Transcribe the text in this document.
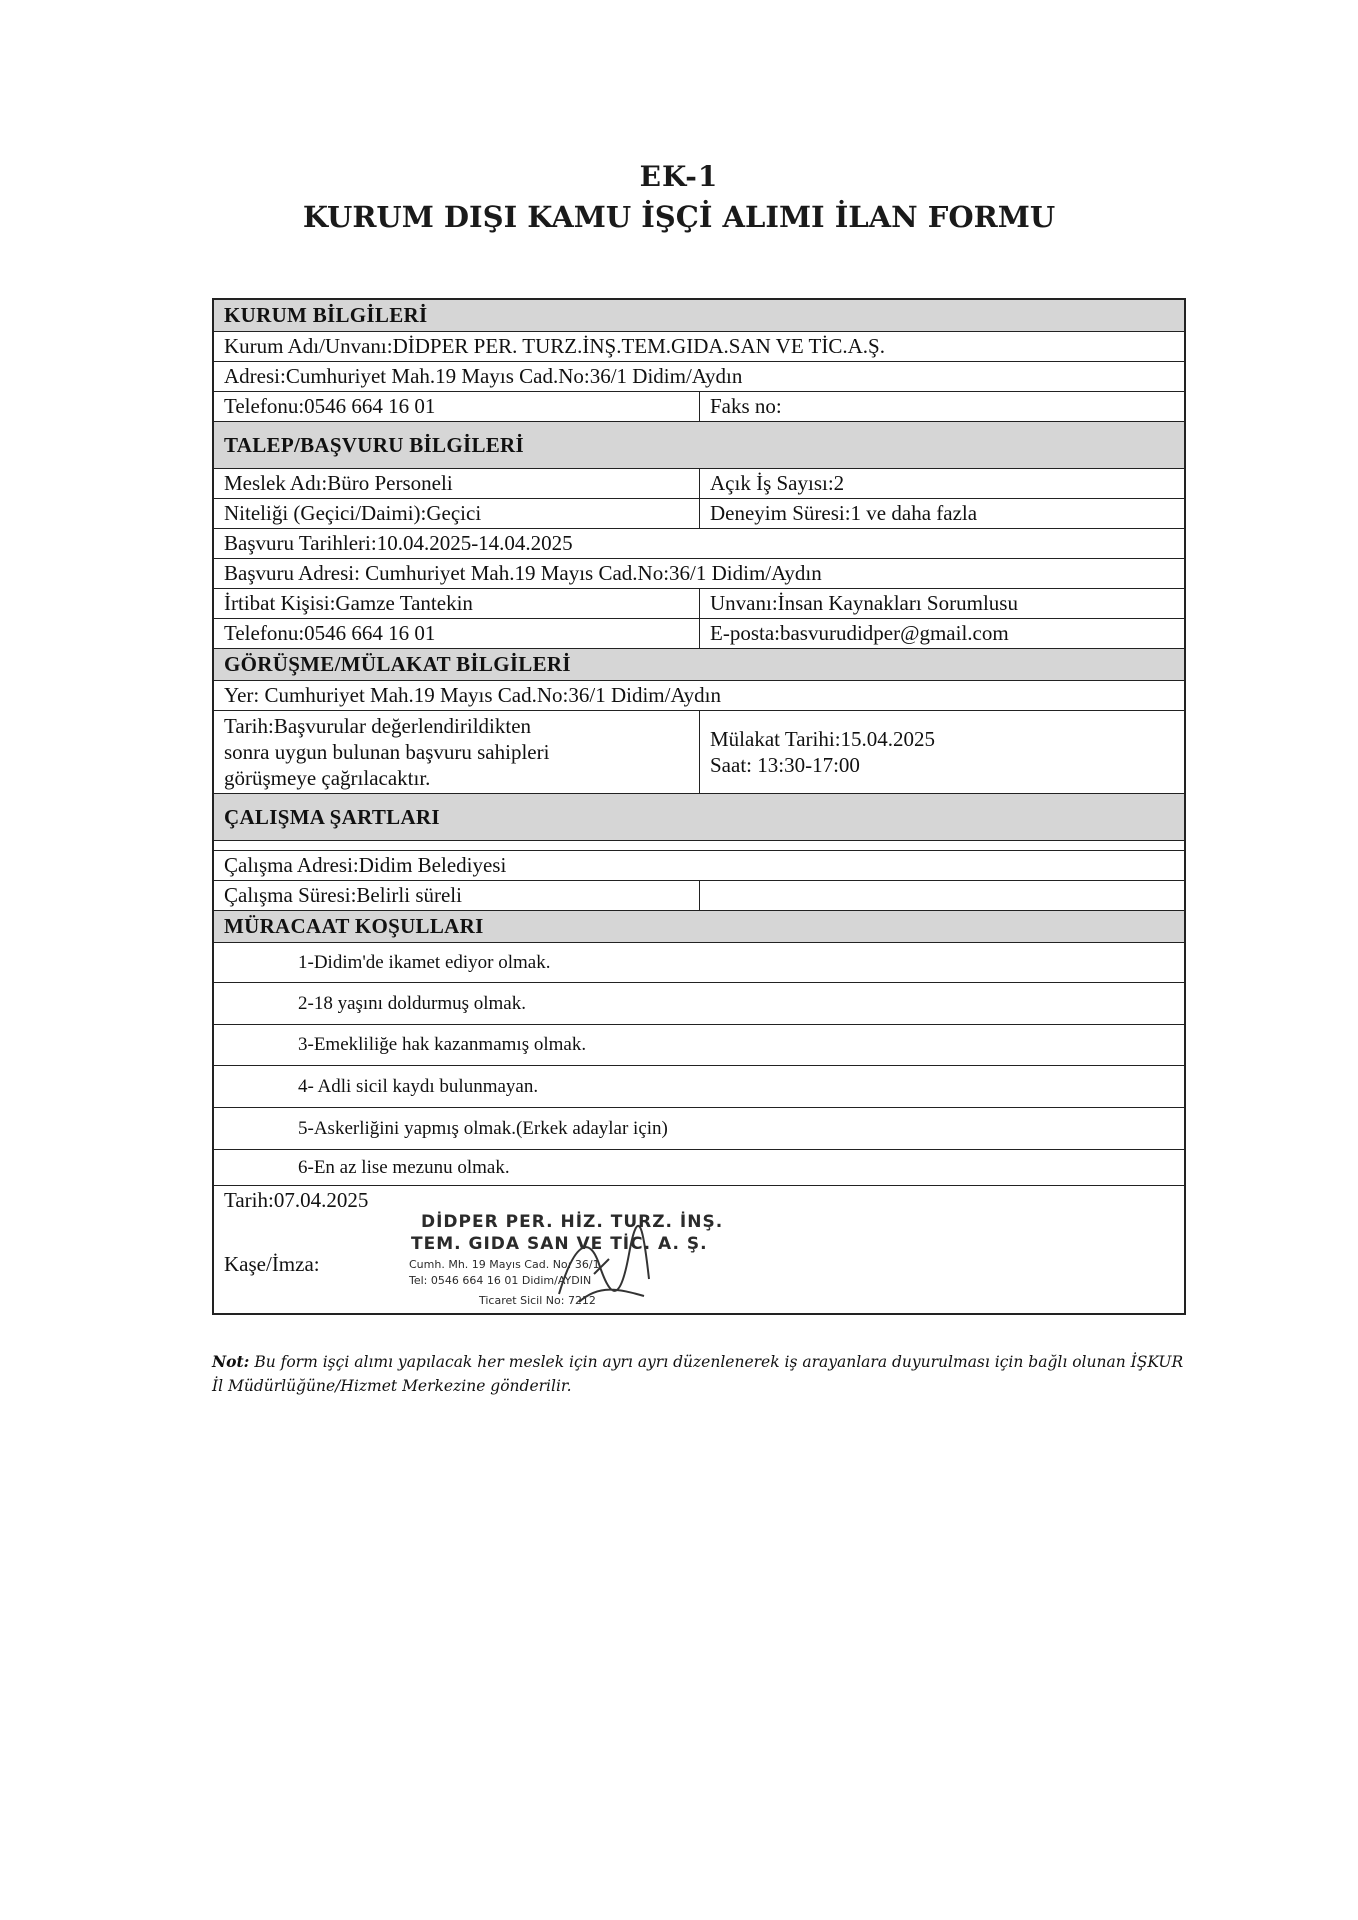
EK-1
KURUM DIŞI KAMU İŞÇİ ALIMI İLAN FORMU
KURUM BİLGİLERİ
Kurum Adı/Unvanı:DİDPER PER. TURZ.İNŞ.TEM.GIDA.SAN VE TİC.A.Ş.
Adresi:Cumhuriyet Mah.19 Mayıs Cad.No:36/1 Didim/Aydın
Telefonu:0546 664 16 01	Faks no:
TALEP/BAŞVURU BİLGİLERİ
Meslek Adı:Büro Personeli	Açık İş Sayısı:2
Niteliği (Geçici/Daimi):Geçici	Deneyim Süresi:1 ve daha fazla
Başvuru Tarihleri:10.04.2025-14.04.2025
Başvuru Adresi: Cumhuriyet Mah.19 Mayıs Cad.No:36/1 Didim/Aydın
İrtibat Kişisi:Gamze Tantekin	Unvanı:İnsan Kaynakları Sorumlusu
Telefonu:0546 664 16 01	E-posta:basvurudidper@gmail.com
GÖRÜŞME/MÜLAKAT BİLGİLERİ
Yer: Cumhuriyet Mah.19 Mayıs Cad.No:36/1 Didim/Aydın
Tarih:Başvurular değerlendirildikten
sonra uygun bulunan başvuru sahipleri
görüşmeye çağrılacaktır.
Mülakat Tarihi:15.04.2025
Saat: 13:30-17:00
ÇALIŞMA ŞARTLARI
Çalışma Adresi:Didim Belediyesi
Çalışma Süresi:Belirli süreli
MÜRACAAT KOŞULLARI
1-Didim'de ikamet ediyor olmak.
2-18 yaşını doldurmuş olmak.
3-Emekliliğe hak kazanmamış olmak.
4- Adli sicil kaydı bulunmayan.
5-Askerliğini yapmış olmak.(Erkek adaylar için)
6-En az lise mezunu olmak.
Tarih:07.04.2025
Kaşe/İmza:
DİDPER PER. HİZ. TURZ. İNŞ.
TEM. GIDA SAN VE TİC. A. Ş.
Cumh. Mh. 19 Mayıs Cad. No: 36/1
Tel: 0546 664 16 01 Didim/AYDIN
Ticaret Sicil No: 7212
Not: Bu form işçi alımı yapılacak her meslek için ayrı ayrı düzenlenerek iş arayanlara duyurulması için bağlı olunan İŞKUR İl Müdürlüğüne/Hizmet Merkezine gönderilir.
